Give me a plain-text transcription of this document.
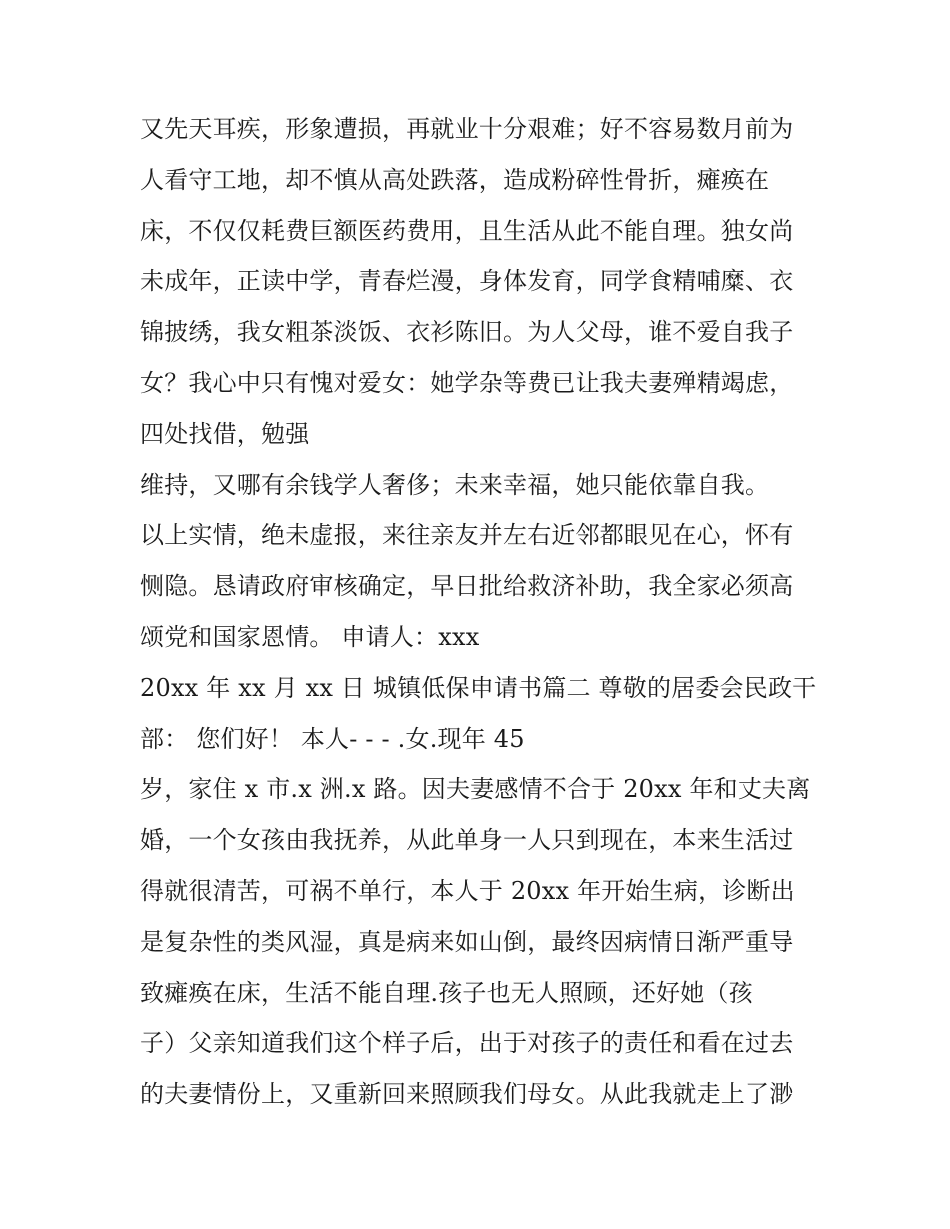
又先天耳疾，形象遭损，再就业十分艰难；好不容易数月前为
人看守工地，却不慎从高处跌落，造成粉碎性骨折，瘫痪在
床，不仅仅耗费巨额医药费用，且生活从此不能自理。独女尚
未成年，正读中学，青春烂漫，身体发育，同学食精哺糜、衣
锦披绣，我女粗茶淡饭、衣衫陈旧。为人父母，谁不爱自我子
女？我心中只有愧对爱女：她学杂等费已让我夫妻殚精竭虑，
四处找借，勉强
维持，又哪有余钱学人奢侈；未来幸福，她只能依靠自我。
以上实情，绝未虚报，来往亲友并左右近邻都眼见在心，怀有
恻隐。恳请政府审核确定，早日批给救济补助，我全家必须高
颂党和国家恩情。 申请人：xxx
20xx 年 xx 月 xx 日 城镇低保申请书篇二 尊敬的居委会民政干
部： 您们好！ 本人- - - .女.现年 45
岁，家住 x 市.x 洲.x 路。因夫妻感情不合于 20xx 年和丈夫离
婚，一个女孩由我抚养，从此单身一人只到现在，本来生活过
得就很清苦，可祸不单行，本人于 20xx 年开始生病，诊断出
是复杂性的类风湿，真是病来如山倒，最终因病情日渐严重导
致瘫痪在床，生活不能自理.孩子也无人照顾，还好她（孩
子）父亲知道我们这个样子后，出于对孩子的责任和看在过去
的夫妻情份上，又重新回来照顾我们母女。从此我就走上了渺
